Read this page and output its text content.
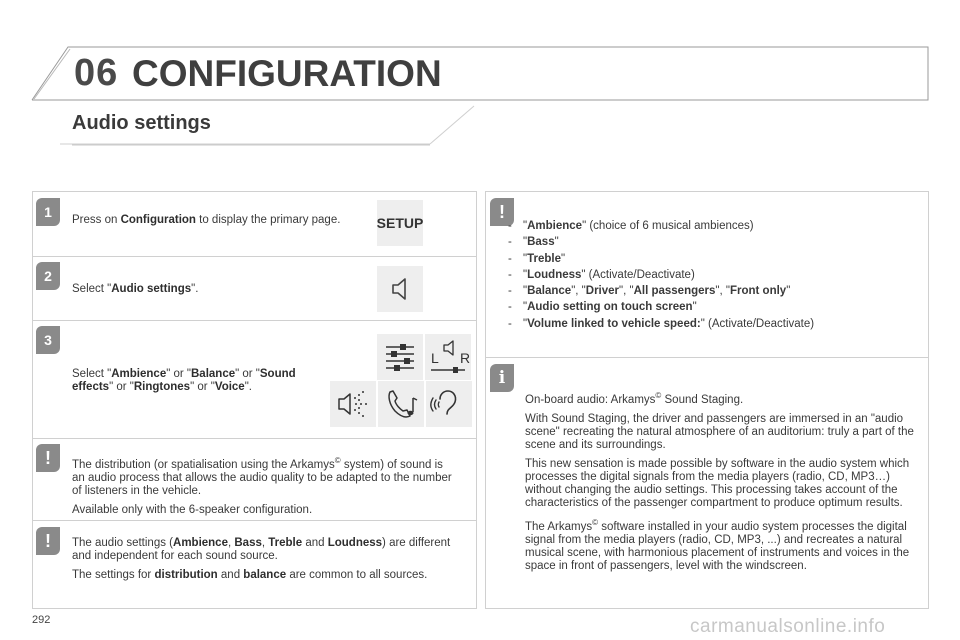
06 CONFIGURATION
Audio settings
1	Press on Configuration to display the primary page.	SETUP
2
Select "Audio settings".
3
Select "Ambience" or "Balance" or "Sound effects" or "Ringtones" or "Voice".
L R
!	The distribution (or spatialisation using the Arkamys© system) of sound is an audio process that allows the audio quality to be adapted to the number of listeners in the vehicle.

Available only with the 6-speaker configuration.

!	The audio settings (Ambience, Bass, Treble and Loudness) are different and independent for each sound source.

The settings for distribution and balance are common to all sources.

!
- "Ambience" (choice of 6 musical ambiences)
- "Bass"
- "Treble"
- "Loudness" (Activate/Deactivate)
- "Balance", "Driver", "All passengers", "Front only"
- "Audio setting on touch screen"
- "Volume linked to vehicle speed:" (Activate/Deactivate)
i

On-board audio: Arkamys© Sound Staging.

With Sound Staging, the driver and passengers are immersed in an "audio scene" recreating the natural atmosphere of an auditorium: truly a part of the scene and its surroundings.

This new sensation is made possible by software in the audio system which processes the digital signals from the media players (radio, CD, MP3…) without changing the audio settings. This processing takes account of the characteristics of the passenger compartment to produce optimum results.

The Arkamys© software installed in your audio system processes the digital signal from the media players (radio, CD, MP3, ...) and recreates a natural musical scene, with harmonious placement of instruments and voices in the space in front of passengers, level with the windscreen.

292	carmanualsonline.info
